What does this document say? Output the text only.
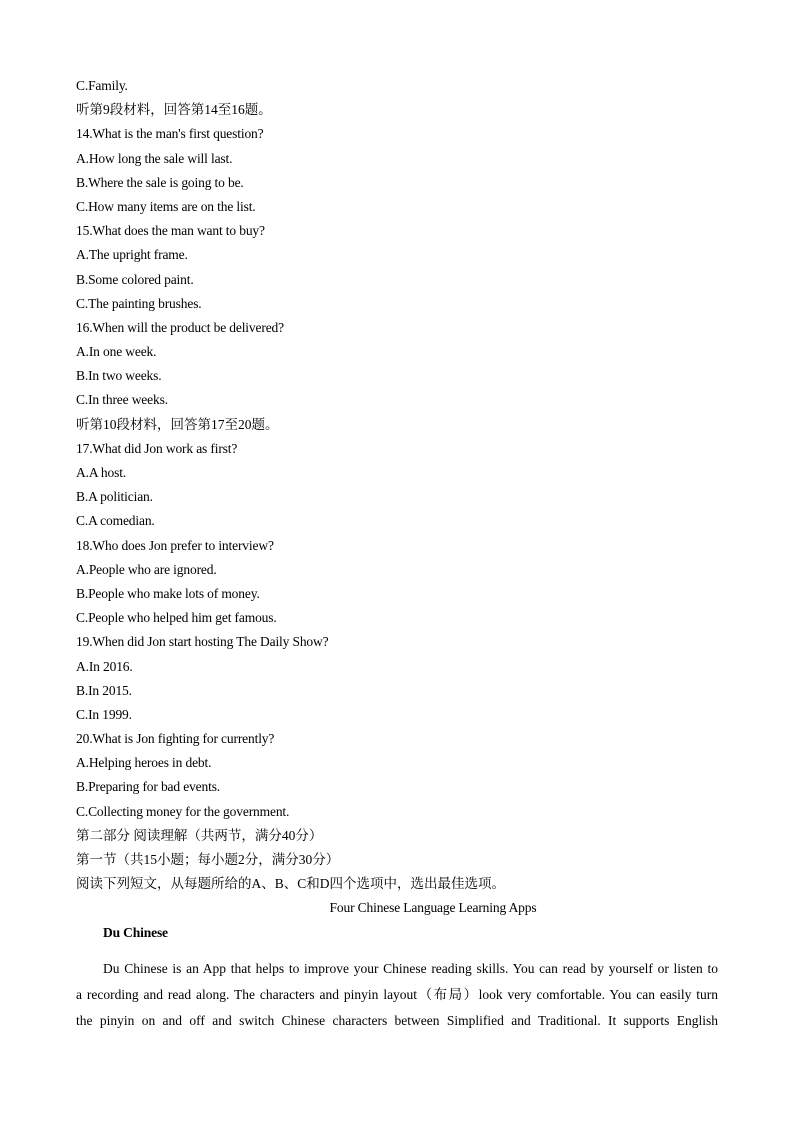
C.Family.
听第9段材料，回答第14至16题。
14.What is the man's first question?
A.How long the sale will last.
B.Where the sale is going to be.
C.How many items are on the list.
15.What does the man want to buy?
A.The upright frame.
B.Some colored paint.
C.The painting brushes.
16.When will the product be delivered?
A.In one week.
B.In two weeks.
C.In three weeks.
听第10段材料，回答第17至20题。
17.What did Jon work as first?
A.A host.
B.A politician.
C.A comedian.
18.Who does Jon prefer to interview?
A.People who are ignored.
B.People who make lots of money.
C.People who helped him get famous.
19.When did Jon start hosting The Daily Show?
A.In 2016.
B.In 2015.
C.In 1999.
20.What is Jon fighting for currently?
A.Helping heroes in debt.
B.Preparing for bad events.
C.Collecting money for the government.
第二部分 阅读理解（共两节，满分40分）
第一节（共15小题；每小题2分，满分30分）
阅读下列短文，从每题所给的A、B、C和D四个选项中，选出最佳选项。
Four Chinese Language Learning Apps
Du Chinese
Du Chinese is an App that helps to improve your Chinese reading skills. You can read by yourself or listen to
a recording and read along. The characters and pinyin layout（布局）look very comfortable. You can easily turn
the pinyin on and off and switch Chinese characters between Simplified and Traditional. It supports English
